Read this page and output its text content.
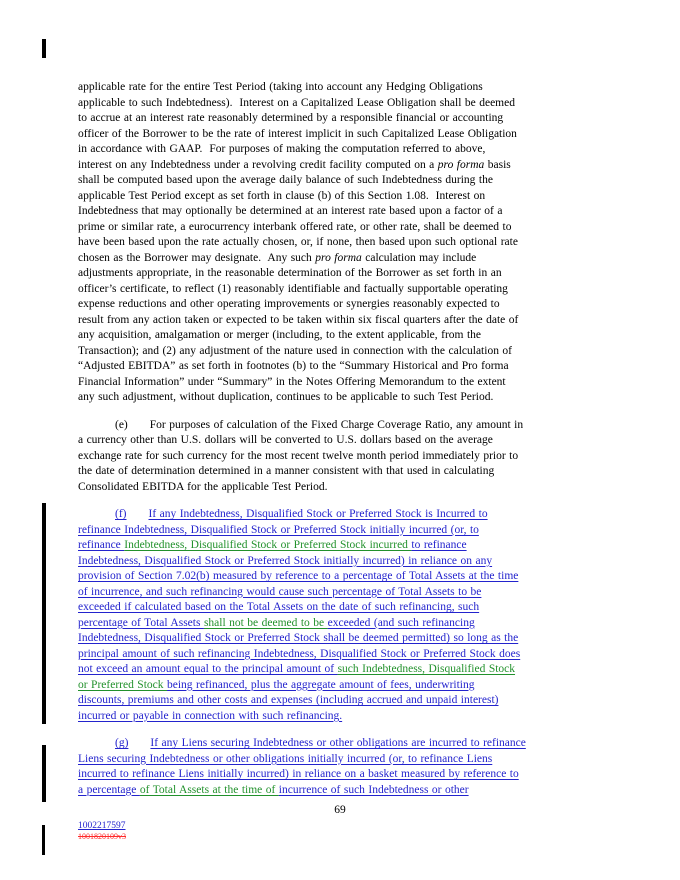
applicable rate for the entire Test Period (taking into account any Hedging Obligations
applicable to such Indebtedness).  Interest on a Capitalized Lease Obligation shall be deemed
to accrue at an interest rate reasonably determined by a responsible financial or accounting
officer of the Borrower to be the rate of interest implicit in such Capitalized Lease Obligation
in accordance with GAAP.  For purposes of making the computation referred to above,
interest on any Indebtedness under a revolving credit facility computed on a pro forma basis
shall be computed based upon the average daily balance of such Indebtedness during the
applicable Test Period except as set forth in clause (b) of this Section 1.08.  Interest on
Indebtedness that may optionally be determined at an interest rate based upon a factor of a
prime or similar rate, a eurocurrency interbank offered rate, or other rate, shall be deemed to
have been based upon the rate actually chosen, or, if none, then based upon such optional rate
chosen as the Borrower may designate.  Any such pro forma calculation may include
adjustments appropriate, in the reasonable determination of the Borrower as set forth in an
officer’s certificate, to reflect (1) reasonably identifiable and factually supportable operating
expense reductions and other operating improvements or synergies reasonably expected to
result from any action taken or expected to be taken within six fiscal quarters after the date of
any acquisition, amalgamation or merger (including, to the extent applicable, from the
Transaction); and (2) any adjustment of the nature used in connection with the calculation of
“Adjusted EBITDA” as set forth in footnotes (b) to the “Summary Historical and Pro forma
Financial Information” under “Summary” in the Notes Offering Memorandum to the extent
any such adjustment, without duplication, continues to be applicable to such Test Period.
(e) For purposes of calculation of the Fixed Charge Coverage Ratio, any amount in
a currency other than U.S. dollars will be converted to U.S. dollars based on the average
exchange rate for such currency for the most recent twelve month period immediately prior to
the date of determination determined in a manner consistent with that used in calculating
Consolidated EBITDA for the applicable Test Period.
(f) If any Indebtedness, Disqualified Stock or Preferred Stock is Incurred to
refinance Indebtedness, Disqualified Stock or Preferred Stock initially incurred (or, to
refinance Indebtedness, Disqualified Stock or Preferred Stock incurred to refinance
Indebtedness, Disqualified Stock or Preferred Stock initially incurred) in reliance on any
provision of Section 7.02(b) measured by reference to a percentage of Total Assets at the time
of incurrence, and such refinancing would cause such percentage of Total Assets to be
exceeded if calculated based on the Total Assets on the date of such refinancing, such
percentage of Total Assets shall not be deemed to be exceeded (and such refinancing
Indebtedness, Disqualified Stock or Preferred Stock shall be deemed permitted) so long as the
principal amount of such refinancing Indebtedness, Disqualified Stock or Preferred Stock does
not exceed an amount equal to the principal amount of such Indebtedness, Disqualified Stock
or Preferred Stock being refinanced, plus the aggregate amount of fees, underwriting
discounts, premiums and other costs and expenses (including accrued and unpaid interest)
incurred or payable in connection with such refinancing.
(g) If any Liens securing Indebtedness or other obligations are incurred to refinance
Liens securing Indebtedness or other obligations initially incurred (or, to refinance Liens
incurred to refinance Liens initially incurred) in reliance on a basket measured by reference to
a percentage of Total Assets at the time of incurrence of such Indebtedness or other
69
1002217597
1001820109v3
